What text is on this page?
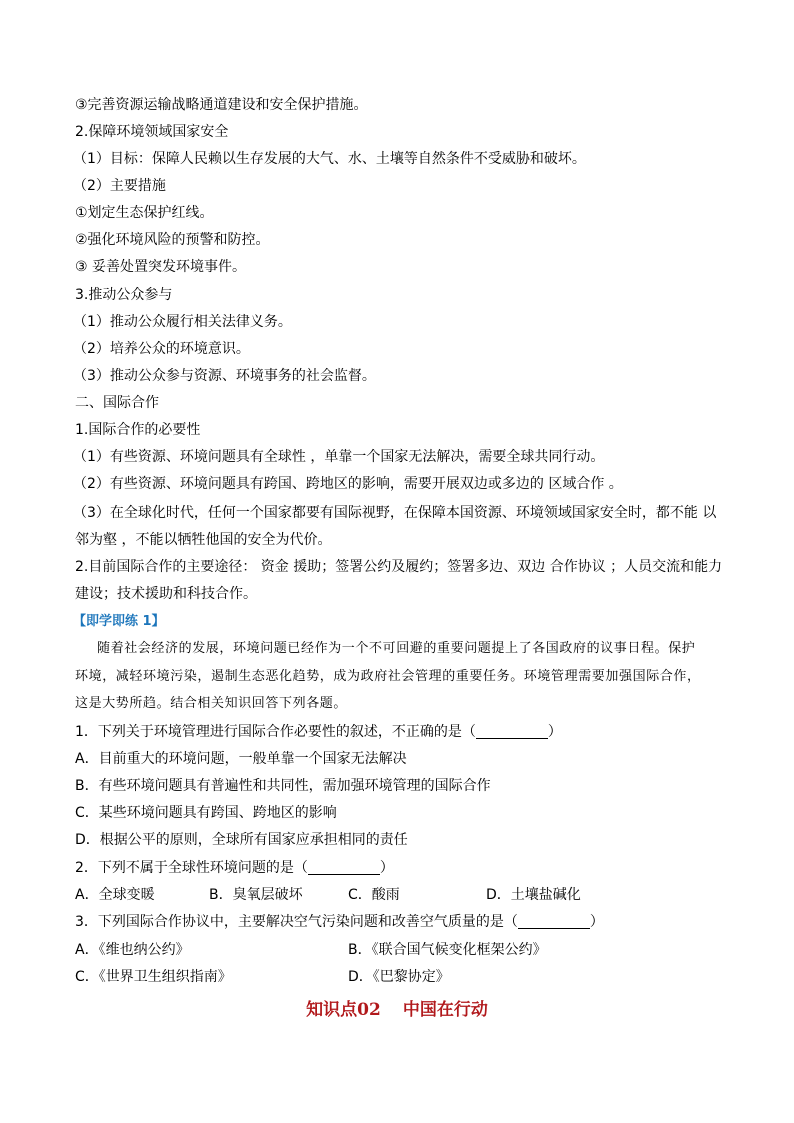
③完善资源运输战略通道建设和安全保护措施。
2.保障环境领域国家安全
（1）目标：保障人民赖以生存发展的大气、水、土壤等自然条件不受威胁和破坏。
（2）主要措施
①划定生态保护红线。
②强化环境风险的预警和防控。
③ 妥善处置突发环境事件。
3.推动公众参与
（1）推动公众履行相关法律义务。
（2）培养公众的环境意识。
（3）推动公众参与资源、环境事务的社会监督。
二、国际合作
1.国际合作的必要性
（1）有些资源、环境问题具有全球性 ，单靠一个国家无法解决，需要全球共同行动。
（2）有些资源、环境问题具有跨国、跨地区的影响，需要开展双边或多边的 区域合作 。
（3）在全球化时代，任何一个国家都要有国际视野，在保障本国资源、环境领域国家安全时，都不能 以
邻为壑 ，不能以牺牲他国的安全为代价。
2.目前国际合作的主要途径： 资金 援助；签署公约及履约；签署多边、双边 合作协议 ；人员交流和能力
建设；技术援助和科技合作。
【即学即练 1】
随着社会经济的发展，环境问题已经作为一个不可回避的重要问题提上了各国政府的议事日程。保护
环境，减轻环境污染，遏制生态恶化趋势，成为政府社会管理的重要任务。环境管理需要加强国际合作，
这是大势所趋。结合相关知识回答下列各题。
1．下列关于环境管理进行国际合作必要性的叙述，不正确的是（	）
A．目前重大的环境问题，一般单靠一个国家无法解决
B．有些环境问题具有普遍性和共同性，需加强环境管理的国际合作
C．某些环境问题具有跨国、跨地区的影响
D．根据公平的原则，全球所有国家应承担相同的责任
2．下列不属于全球性环境问题的是（	）
A．全球变暖	B．臭氧层破坏	C．酸雨	D．土壤盐碱化
3．下列国际合作协议中，主要解决空气污染问题和改善空气质量的是（	）
A．《维也纳公约》	B．《联合国气候变化框架公约》
C．《世界卫生组织指南》	D．《巴黎协定》
知识点02 中国在行动
